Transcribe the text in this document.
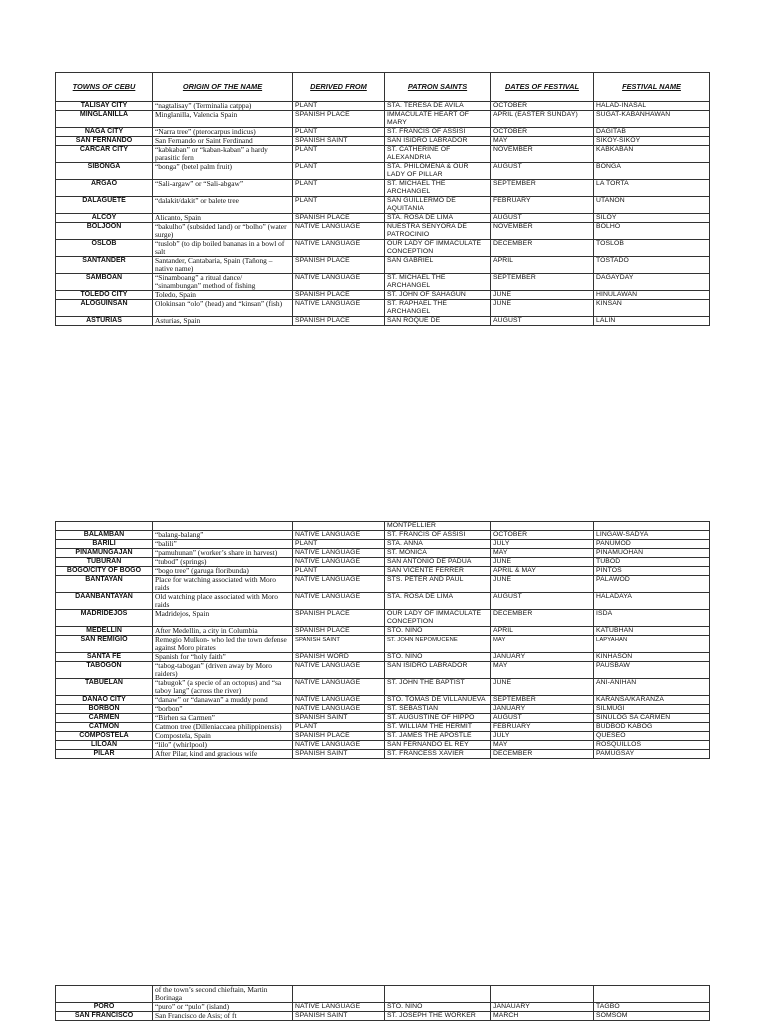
TOWNS OF CEBU	ORIGIN OF THE NAME	DERIVED FROM	PATRON SAINTS	DATES OF FESTIVAL	FESTIVAL NAME
TALISAY CITY	“nagtalisay” (Terminalia catppa)	PLANT	STA. TERESA DE AVILA	OCTOBER	HALAD-INASAL
MINGLANILLA	Minglanilla, Valencia Spain	SPANISH PLACE	IMMACULATE HEART OF MARY	APRIL (EASTER SUNDAY)	SUGAT-KABANHAWAN
NAGA CITY	“Narra tree” (pterocarpus indicus)	PLANT	ST. FRANCIS OF ASSISI	OCTOBER	DAGITAB
SAN FERNANDO	San Fernando or Saint Ferdinand	SPANISH SAINT	SAN ISIDRO LABRADOR	MAY	SIKOY-SIKOY
CARCAR CITY	“kabkaban” or “kaban-kaban” a hardy parasitic fern	PLANT	ST. CATHERINE OF ALEXANDRIA	NOVEMBER	KABKABAN
SIBONGA	“bonga” (betel palm fruit)	PLANT	STA. PHILOMENA & OUR LADY OF PILLAR	AUGUST	BONGA
ARGAO	“Sali-argaw” or “Sali-abgaw”	PLANT	ST. MICHAEL THE ARCHANGEL	SEPTEMBER	LA TORTA
DALAGUETE	“dalakit/dakit” or balete tree	PLANT	SAN GUILLERMO DE AQUITANIA	FEBRUARY	UTANON
ALCOY	Alicanto, Spain	SPANISH PLACE	STA. ROSA DE LIMA	AUGUST	SILOY
BOLJOON	“bakulho” (subsided land) or “bolho” (water surge)	NATIVE LANGUAGE	NUESTRA SENYORA DE PATROCINIO	NOVEMBER	BOLHO
OSLOB	“tuslob” (to dip boiled bananas in a bowl of salt	NATIVE LANGUAGE	OUR LADY OF IMMACULATE CONCEPTION	DECEMBER	TOSLOB
SANTANDER	Santander, Cantabaria, Spain (Tañong –native name)	SPANISH PLACE	SAN GABRIEL	APRIL	TOSTADO
SAMBOAN	“Sinamboang” a ritual dance/ “sinambungan” method of fishing	NATIVE LANGUAGE	ST. MICHAEL THE ARCHANGEL	SEPTEMBER	DAGAYDAY
TOLEDO CITY	Toledo, Spain	SPANISH PLACE	ST. JOHN OF SAHAGUN	JUNE	HINULAWAN
ALOGUINSAN	Olokinsan “olo” (head) and “kinsan” (fish)	NATIVE LANGUAGE	ST. RAPHAEL THE ARCHANGEL	JUNE	KINSAN
ASTURIAS	Asturias, Spain	SPANISH PLACE	SAN ROQUE DE	AUGUST	LALIN
			MONTPELLIER		
BALAMBAN	“balang-balang”	NATIVE LANGUAGE	ST. FRANCIS OF ASSISI	OCTOBER	LINGAW-SADYA
BARILI	“balili”	PLANT	STA. ANNA	JULY	PANUMOD
PINAMUNGAJAN	“pamuhunan” (worker’s share in harvest)	NATIVE LANGUAGE	ST. MONICA	MAY	PINAMUOHAN
TUBURAN	“tubod” (springs)	NATIVE LANGUAGE	SAN ANTONIO DE PADUA	JUNE	TUBOD
BOGO/CITY OF BOGO	“bogo tree” (garuga floribunda)	PLANT	SAN VICENTE FERRER	APRIL & MAY	PINTOS
BANTAYAN	Place for watching associated with Moro raids	NATIVE LANGUAGE	STS. PETER AND PAUL	JUNE	PALAWOD
DAANBANTAYAN	Old watching place associated with Moro raids	NATIVE LANGUAGE	STA. ROSA DE LIMA	AUGUST	HALADAYA
MADRIDEJOS	Madridejos, Spain	SPANISH PLACE	OUR LADY OF IMMACULATE CONCEPTION	DECEMBER	ISDA
MEDELLIN	After Medellin, a city in Columbia	SPANISH PLACE	STO. NIÑO	APRIL	KATUBHAN
SAN REMIGIO	Remegio Mulkon- who led the town defense against Moro pirates	SPANISH SAINT	ST. JOHN NEPOMUCENE	MAY	LAPYAHAN
SANTA FE	Spanish for “holy faith”	SPANISH WORD	STO. NIÑO	JANUARY	KINHASON
TABOGON	“tabog-tabogan” (driven away by Moro raiders)	NATIVE LANGUAGE	SAN ISIDRO LABRADOR	MAY	PAUSBAW
TABUELAN	“tabugok” (a specie of an octopus) and “sa taboy lang” (across the river)	NATIVE LANGUAGE	ST. JOHN THE BAPTIST	JUNE	ANI-ANIHAN
DANAO CITY	“danaw” or “danawan” a muddy pond	NATIVE LANGUAGE	STO. TOMAS DE VILLANUEVA	SEPTEMBER	KARANSA/KARANZA
BORBON	“borbon”	NATIVE LANGUAGE	ST. SEBASTIAN	JANUARY	SILMUGI
CARMEN	“Birhen sa Carmen”	SPANISH SAINT	ST. AUGUSTINE OF HIPPO	AUGUST	SINULOG SA CARMEN
CATMON	Catmon tree (Dilleniaccaea philippinensis)	PLANT	ST. WILLIAM THE HERMIT	FEBRUARY	BUDBOD KABOG
COMPOSTELA	Compostela, Spain	SPANISH PLACE	ST. JAMES THE APOSTLE	JULY	QUESEO
LILOAN	“lilo” (whirlpool)	NATIVE LANGUAGE	SAN FERNANDO EL REY	MAY	ROSQUILLOS
PILAR	After Pilar, kind and gracious wife	SPANISH SAINT	ST. FRANCESS XAVIER	DECEMBER	PAMUGSAY
	of the town’s second chieftain, Martin Borinaga				
PORO	“puro” or “pulo” (island)	NATIVE LANGUAGE	STO. NIÑO	JANAUARY	TAGBO
SAN FRANCISCO	San Francisco de Asis; of ft	SPANISH SAINT	ST. JOSEPH THE WORKER	MARCH	SOMSOM
